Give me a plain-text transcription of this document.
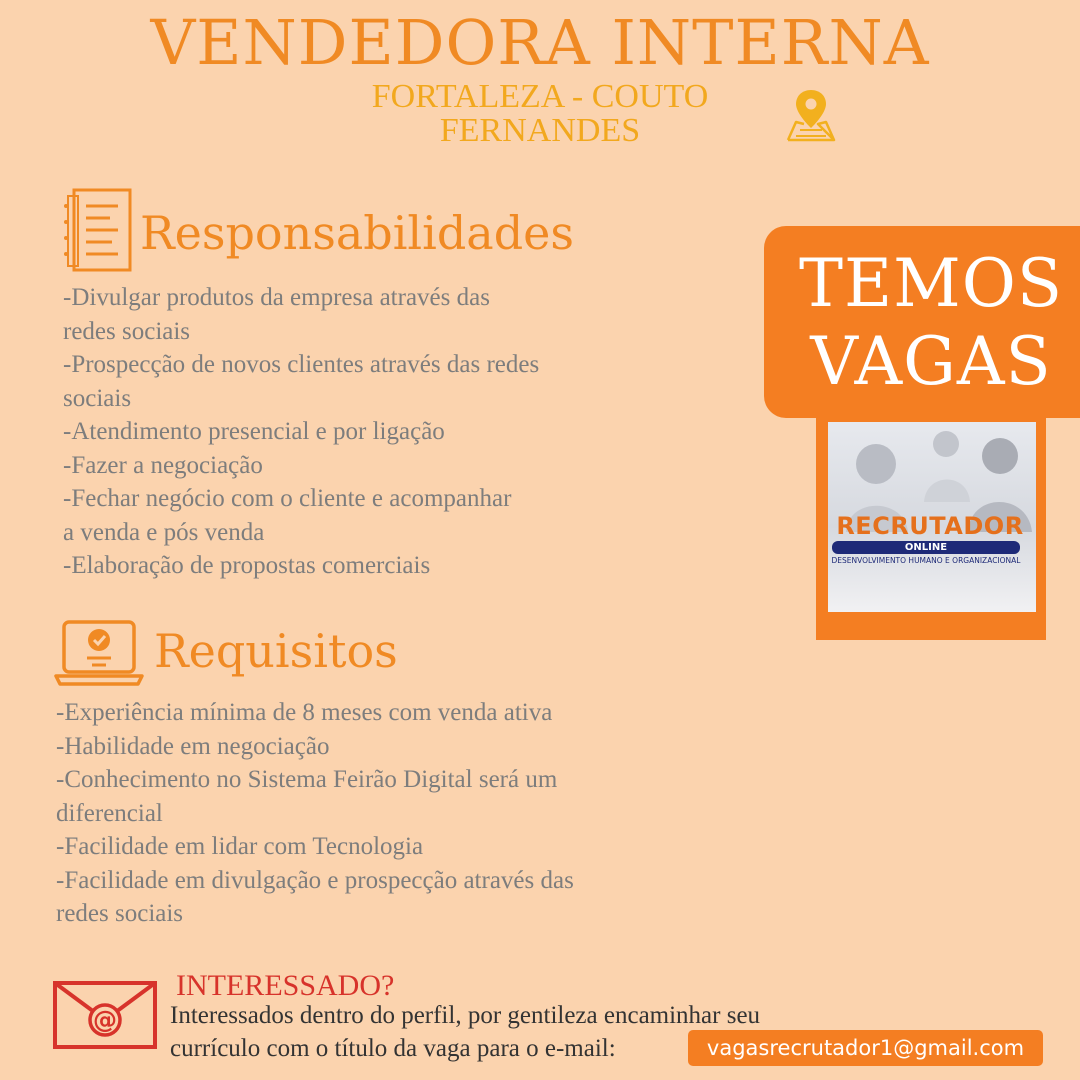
VENDEDORA INTERNA
FORTALEZA - COUTO
FERNANDES
Responsabilidades
-Divulgar produtos da empresa através das
redes sociais
-Prospecção de novos clientes através das redes
sociais
-Atendimento presencial e por ligação
-Fazer a negociação
-Fechar negócio com o cliente e acompanhar
a venda e pós venda
-Elaboração de propostas comerciais
Requisitos
-Experiência mínima de 8 meses com venda ativa
-Habilidade em negociação
-Conhecimento no Sistema Feirão Digital será um
diferencial
-Facilidade em lidar com Tecnologia
-Facilidade em divulgação e prospecção através das
redes sociais
TEMOS
VAGAS
RECRUTADOR
ONLINE
DESENVOLVIMENTO HUMANO E ORGANIZACIONAL
@
INTERESSADO?
Interessados dentro do perfil, por gentileza encaminhar seu
currículo com o título da vaga para o e-mail:	vagasrecrutador1@gmail.com
